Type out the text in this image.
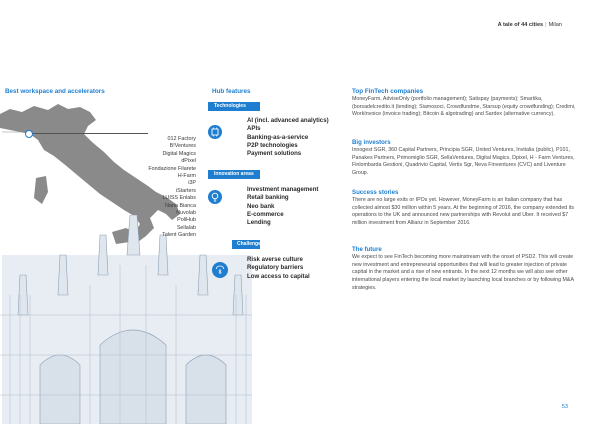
A tale of 44 cities | Milan
Best workspace and accelerators
012 Factory
B!Ventures
Digital Magics
dPixel
Fondazione Filarete
H-Farm
i3P
iStarters
LUISS Enlabs
Nana Bianca
Nuvolab
PoliHub
Sellalab
Talent Garden
Hub features
Technologies
AI (incl. advanced analytics)
APIs
Banking-as-a-service
P2P technologies
Payment solutions
Innovation areas
Investment management
Retail banking
Neo bank
E-commerce
Lending
Challenges
$
Risk averse culture
Regulatory barriers
Low access to capital
Top FinTech companies
MoneyFarm, AdviseOnly (portfolio management); Satispay (payments); Smartika, (borsadelcredito.it (lending); Siamosoci, Crowdfundme, Starsup (equity crowdfunding); Credimi, WorkInvoice (invoice trading); Bitcoin & algotrading) and Sardex (alternative currency).
Big investors
Innogest SGR, 360 Capital Partners, Principia SGR, United Ventures, Invitalia (public), P101, Panakes Partners, Primomiglio SGR, SellaVentures, Digital Magics, Dpixel, H - Farm Ventures, Finlombarda Gestioni, Quadrivio Capital, Vertis Sgr, Neva Finventures (CVC) and Liventure Group.
Success stories
There are no large exits or IPOs yet. However, MoneyFarm is an Italian company that has collected almost $30 million within 5 years. At the beginning of 2016, the company extended its operations to the UK and announced new partnerships with Revolut and Uber. It received $7 million investment from Allianz in September 2016.
The future
We expect to see FinTech becoming more mainstream with the onset of PSD2. This will create new investment and entrepreneurial opportunities that will lead to greater injection of private capital in the market and a rise of new entrants. In the next 12 months we will also see other international players entering the local market by launching local branches or by following M&A strategies.
53
